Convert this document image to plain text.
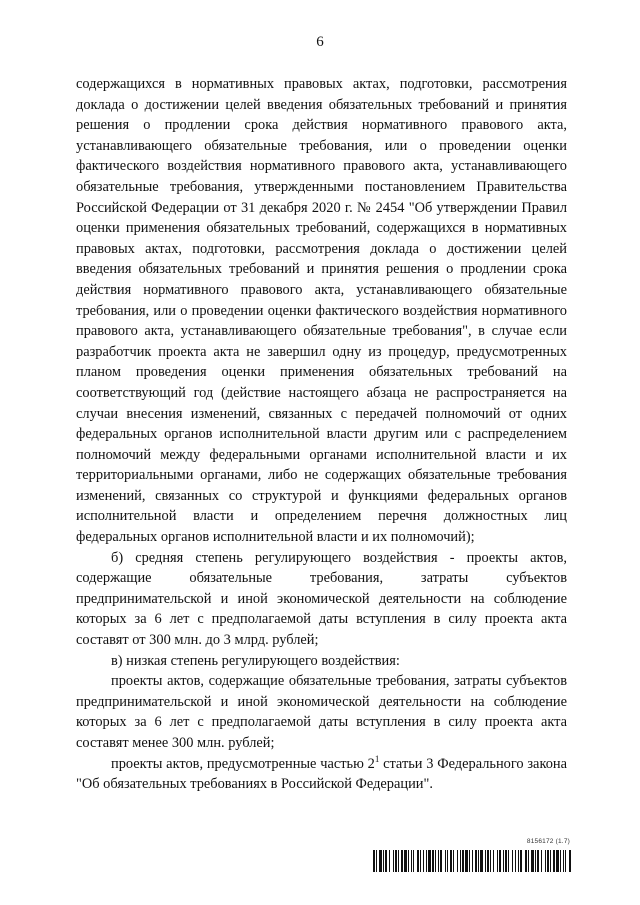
6

содержащихся в нормативных правовых актах, подготовки, рассмотрения доклада о достижении целей введения обязательных требований и принятия решения о продлении срока действия нормативного правового акта, устанавливающего обязательные требования, или о проведении оценки фактического воздействия нормативного правового акта, устанавливающего обязательные требования, утвержденными постановлением Правительства Российской Федерации от 31 декабря 2020 г. № 2454 "Об утверждении Правил оценки применения обязательных требований, содержащихся в нормативных правовых актах, подготовки, рассмотрения доклада о достижении целей введения обязательных требований и принятия решения о продлении срока действия нормативного правового акта, устанавливающего обязательные требования, или о проведении оценки фактического воздействия нормативного правового акта, устанавливающего обязательные требования", в случае если разработчик проекта акта не завершил одну из процедур, предусмотренных планом проведения оценки применения обязательных требований на соответствующий год (действие настоящего абзаца не распространяется на случаи внесения изменений, связанных с передачей полномочий от одних федеральных органов исполнительной власти другим или с распределением полномочий между федеральными органами исполнительной власти и их территориальными органами, либо не содержащих обязательные требования изменений, связанных со структурой и функциями федеральных органов исполнительной власти и определением перечня должностных лиц федеральных органов исполнительной власти и их полномочий);

б) средняя степень регулирующего воздействия - проекты актов, содержащие обязательные требования, затраты субъектов предпринимательской и иной экономической деятельности на соблюдение которых за 6 лет с предполагаемой даты вступления в силу проекта акта составят от 300 млн. до 3 млрд. рублей;

в) низкая степень регулирующего воздействия:

проекты актов, содержащие обязательные требования, затраты субъектов предпринимательской и иной экономической деятельности на соблюдение которых за 6 лет с предполагаемой даты вступления в силу проекта акта составят менее 300 млн. рублей;

проекты актов, предусмотренные частью $2^1$ статьи 3 Федерального закона "Об обязательных требованиях в Российской Федерации".

8156172 (1.7)
